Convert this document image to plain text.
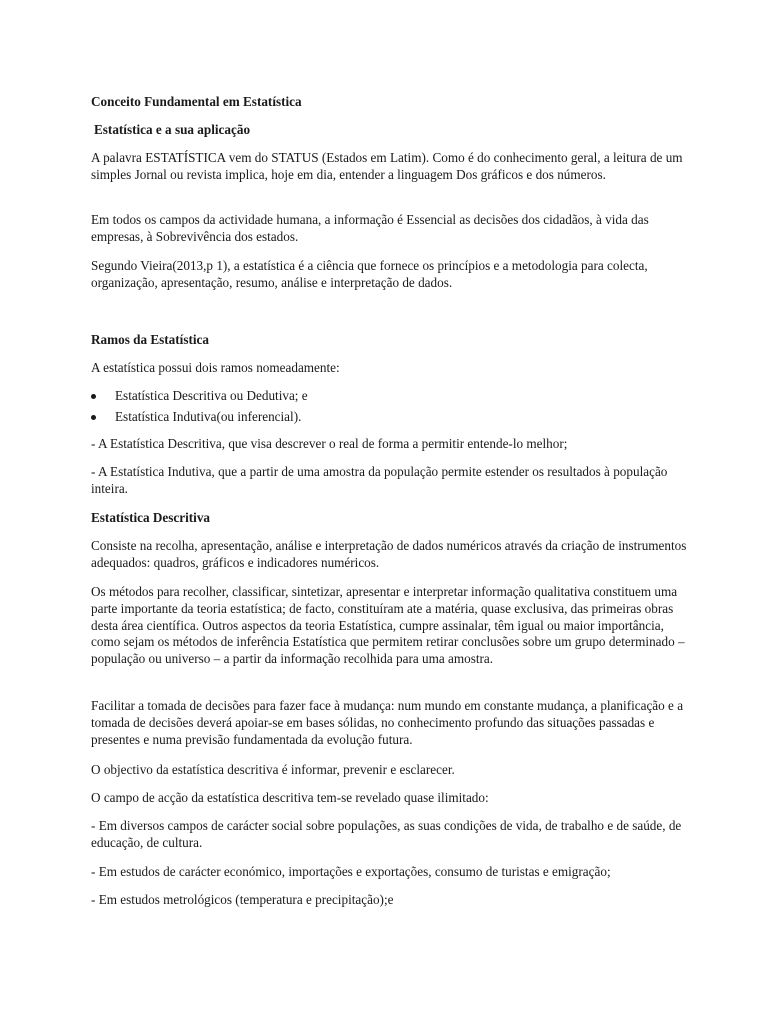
Conceito Fundamental em Estatística

Estatística e a sua aplicação

A palavra ESTATÍSTICA vem do STATUS (Estados em Latim). Como é do conhecimento geral, a leitura de um simples Jornal ou revista implica, hoje em dia, entender a linguagem Dos gráficos e dos números.

Em todos os campos da actividade humana, a informação é Essencial as decisões dos cidadãos, à vida das empresas, à Sobrevivência dos estados.

Segundo Vieira(2013,p 1), a estatística é a ciência que fornece os princípios e a metodologia para colecta, organização, apresentação, resumo, análise e interpretação de dados.

Ramos da Estatística

A estatística possui dois ramos nomeadamente:

Estatística Descritiva ou Dedutiva; e
Estatística Indutiva(ou inferencial).

- A Estatística Descritiva, que visa descrever o real de forma a permitir entende-lo melhor;

- A Estatística Indutiva, que a partir de uma amostra da população permite estender os resultados à população inteira.

Estatística Descritiva

Consiste na recolha, apresentação, análise e interpretação de dados numéricos através da criação de instrumentos adequados: quadros, gráficos e indicadores numéricos.

Os métodos para recolher, classificar, sintetizar, apresentar e interpretar informação qualitativa constituem uma parte importante da teoria estatística; de facto, constituíram ate a matéria, quase exclusiva, das primeiras obras desta área científica. Outros aspectos da teoria Estatística, cumpre assinalar, têm igual ou maior importância, como sejam os métodos de inferência Estatística que permitem retirar conclusões sobre um grupo determinado – população ou universo – a partir da informação recolhida para uma amostra.

Facilitar a tomada de decisões para fazer face à mudança: num mundo em constante mudança, a planificação e a tomada de decisões deverá apoiar-se em bases sólidas, no conhecimento profundo das situações passadas e presentes e numa previsão fundamentada da evolução futura.

O objectivo da estatística descritiva é informar, prevenir e esclarecer.

O campo de acção da estatística descritiva tem-se revelado quase ilimitado:

- Em diversos campos de carácter social sobre populações, as suas condições de vida, de trabalho e de saúde, de educação, de cultura.

- Em estudos de carácter económico, importações e exportações, consumo de turistas e emigração;

- Em estudos metrológicos (temperatura e precipitação);e
